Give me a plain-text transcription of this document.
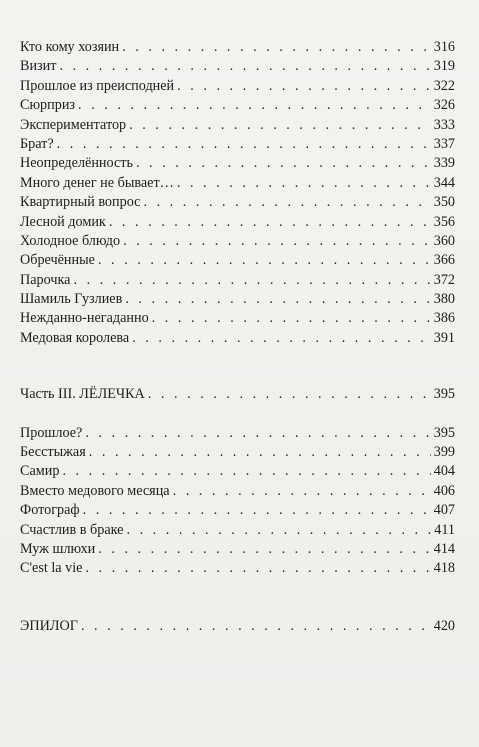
Кто кому хозяин . . .	316
Визит . . .	319
Прошлое из преисподней . . .	322
Сюрприз . . .	326
Экспериментатор . . .	333
Брат? . . .	337
Неопределённость . . .	339
Много денег не бывает… . . .	344
Квартирный вопрос . . .	350
Лесной домик . . .	356
Холодное блюдо . . .	360
Обречённые . . .	366
Парочка . . .	372
Шамиль Гузлиев . . .	380
Нежданно-негаданно . . .	386
Медовая королева . . .	391
Часть III. ЛЁЛЕЧКА . . .	395
Прошлое? . . .	395
Бесстыжая . . .	399
Самир . . .	404
Вместо медового месяца . . .	406
Фотограф . . .	407
Счастлив в браке . . .	411
Муж шлюхи . . .	414
C'est la vie . . .	418
ЭПИЛОГ . . .	420
